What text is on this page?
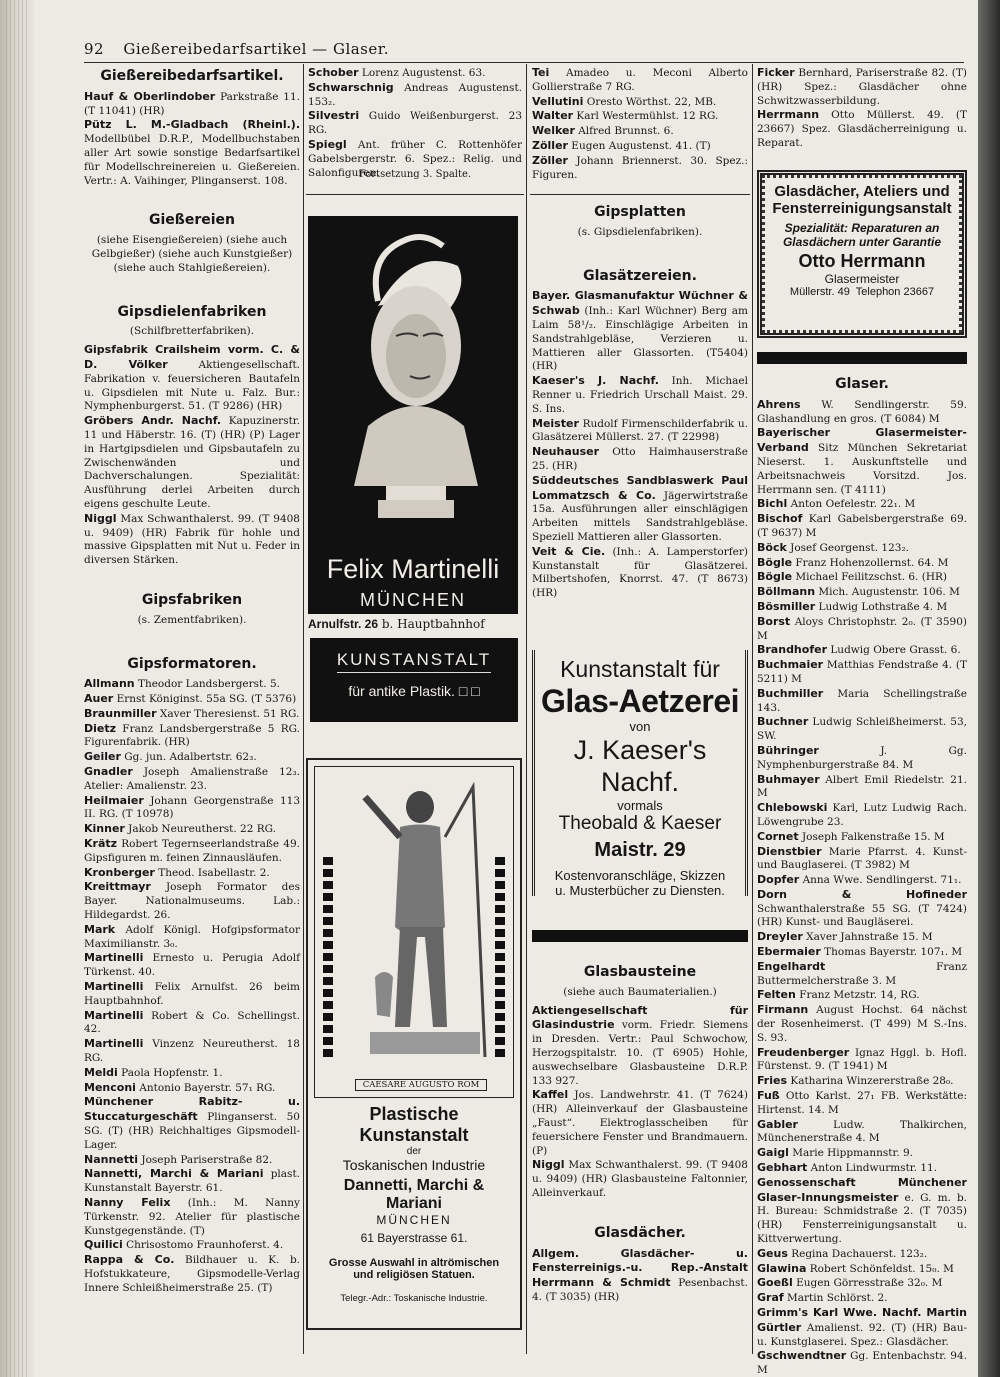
92 Gießereibedarfsartikel — Glaser.
Gießereibedarfsartikel.

Hauf & Oberlindober Parkstraße 11. (T 11041) (HR)

Pütz L. M.-Gladbach (Rheinl.). Modellbübel D.R.P., Modellbuchstaben aller Art sowie sonstige Bedarfsartikel für Modellschreinereien u. Gießereien. Vertr.: A. Vaihinger, Plinganserst. 108.

Gießereien
(siehe Eisengießereien) (siehe auch Gelbgießer) (siehe auch Kunstgießer) (siehe auch Stahlgießereien).
Gipsdielenfabriken
(Schilfbretterfabriken).

Gipsfabrik Crailsheim vorm. C. & D. Völker Aktiengesellschaft. Fabrikation v. feuersicheren Bautafeln u. Gipsdielen mit Nute u. Falz. Bur.: Nymphenburgerst. 51. (T 9286) (HR)

Gröbers Andr. Nachf. Kapuzinerstr. 11 und Häberstr. 16. (T) (HR) (P) Lager in Hartgipsdielen und Gipsbautafeln zu Zwischenwänden und Dachverschalungen. Spezialität: Ausführung derlei Arbeiten durch eigens geschulte Leute.

Niggl Max Schwanthalerst. 99. (T 9408 u. 9409) (HR) Fabrik für hohle und massive Gipsplatten mit Nut u. Feder in diversen Stärken.

Gipsfabriken
(s. Zementfabriken).
Gipsformatoren.

Allmann Theodor Landsbergerst. 5.

Auer Ernst Königinst. 55a SG. (T 5376)

Braunmiller Xaver Theresienst. 51 RG.

Dietz Franz Landsbergerstraße 5 RG. Figurenfabrik. (HR)

Geiler Gg. jun. Adalbertstr. 62₃.

Gnadler Joseph Amalienstraße 12₃. Atelier: Amalienstr. 23.

Heilmaier Johann Georgenstraße 113 II. RG. (T 10978)

Kinner Jakob Neureutherst. 22 RG.

Krätz Robert Tegernseerlandstraße 49. Gipsfiguren m. feinen Zinnausläufen.

Kronberger Theod. Isabellastr. 2.

Kreittmayr Joseph Formator des Bayer. Nationalmuseums. Lab.: Hildegardst. 26.

Mark Adolf Königl. Hofgipsformator Maximilianstr. 3₀.

Martinelli Ernesto u. Perugia Adolf Türkenst. 40.

Martinelli Felix Arnulfst. 26 beim Hauptbahnhof.

Martinelli Robert & Co. Schellingst. 42.

Martinelli Vinzenz Neureutherst. 18 RG.

Meldi Paola Hopfenstr. 1.

Menconi Antonio Bayerstr. 57₁ RG.

Münchener Rabitz- u. Stuccaturgeschäft Plinganserst. 50 SG. (T) (HR) Reichhaltiges Gipsmodell-Lager.

Nannetti Joseph Pariserstraße 82.

Nannetti, Marchi & Mariani plast. Kunstanstalt Bayerstr. 61.

Nanny Felix (Inh.: M. Nanny Türkenstr. 92. Atelier für plastische Kunstgegenstände. (T)

Quilici Chrisostomo Fraunhoferst. 4.

Rappa & Co. Bildhauer u. K. b. Hofstukkateure, Gipsmodelle-Verlag Innere Schleißheimerstraße 25. (T)

Schober Lorenz Augustenst. 63.

Schwarschnig Andreas Augustenst. 153₂.

Silvestri Guido Weißenburgerst. 23 RG.

Spiegl Ant. früher C. Rottenhöfer Gabelsbergerstr. 6. Spez.: Relig. und Salonfiguren.

Fortsetzung 3. Spalte.
Felix Martinelli
MÜNCHEN
Arnulfstr. 26 b. Hauptbahnhof
KUNSTANSTALT
für antike Plastik. □ □
CAESARE AUGUSTO ROM
Plastische Kunstanstalt
der
Toskanischen Industrie
Dannetti, Marchi & Mariani
MÜNCHEN
61 Bayerstrasse 61.
Grosse Auswahl in altrömischen
und religiösen Statuen.
Telegr.-Adr.: Toskanische Industrie.

Tei Amadeo u. Meconi Alberto Gollierstraße 7 RG.

Vellutini Oresto Wörthst. 22, MB.

Walter Karl Westermühlst. 12 RG.

Welker Alfred Brunnst. 6.

Zöller Eugen Augustenst. 41. (T)

Zöller Johann Briennerst. 30. Spez.: Figuren.

Gipsplatten
(s. Gipsdielenfabriken).
Glasätzereien.

Bayer. Glasmanufaktur Wüchner & Schwab (Inh.: Karl Wüchner) Berg am Laim 58¹/₂. Einschlägige Arbeiten in Sandstrahlgebläse, Verzieren u. Mattieren aller Glassorten. (T5404) (HR)

Kaeser's J. Nachf. Inh. Michael Renner u. Friedrich Urschall Maist. 29. S. Ins.

Meister Rudolf Firmenschilderfabrik u. Glasätzerei Müllerst. 27. (T 22998)

Neuhauser Otto Haimhauserstraße 25. (HR)

Süddeutsches Sandblaswerk Paul Lommatzsch & Co. Jägerwirtstraße 15a. Ausführungen aller einschlägigen Arbeiten mittels Sandstrahlgebläse. Speziell Mattieren aller Glassorten.

Veit & Cie. (Inh.: A. Lamperstorfer) Kunstanstalt für Glasätzerei. Milbertshofen, Knorrst. 47. (T 8673) (HR)

Kunstanstalt für
Glas-Aetzerei
von
J. Kaeser's Nachf.
vormals
Theobald & Kaeser
Maistr. 29
Kostenvoranschläge, Skizzen
u. Musterbücher zu Diensten.
Glasbausteine
(siehe auch Baumaterialien.)

Aktiengesellschaft für Glasindustrie vorm. Friedr. Siemens in Dresden. Vertr.: Paul Schwochow, Herzogspitalstr. 10. (T 6905) Hohle, auswechselbare Glasbausteine D.R.P. 133 927.

Kaffel Jos. Landwehrstr. 41. (T 7624) (HR) Alleinverkauf der Glasbausteine „Faust“. Elektroglasscheiben für feuersichere Fenster und Brandmauern. (P)

Niggl Max Schwanthalerst. 99. (T 9408 u. 9409) (HR) Glasbausteine Faltonnier, Alleinverkauf.

Glasdächer.

Allgem. Glasdächer- u. Fensterreinigs.-u. Rep.-Anstalt Herrmann & Schmidt Pesenbachst. 4. (T 3035) (HR)

Ficker Bernhard, Pariserstraße 82. (T) (HR) Spez.: Glasdächer ohne Schwitzwasserbildung.

Herrmann Otto Müllerst. 49. (T 23667) Spez. Glasdächerreinigung u. Reparat.

Glasdächer, Ateliers und
Fensterreinigungsanstalt
Spezialität: Reparaturen an
Glasdächern unter Garantie
Otto Herrmann
Glasermeister
Müllerstr. 49 Telephon 23667
Glaser.

Ahrens W. Sendlingerstr. 59. Glashandlung en gros. (T 6084) M

Bayerischer Glasermeister-Verband Sitz München Sekretariat Nieserst. 1. Auskunftstelle und Arbeitsnachweis Vorsitzd. Jos. Herrmann sen. (T 4111)

Bichl Anton Oefelestr. 22₁. M

Bischof Karl Gabelsbergerstraße 69. (T 9637) M

Böck Josef Georgenst. 123₂.

Bögle Franz Hohenzollernst. 64. M

Bögle Michael Feilitzschst. 6. (HR)

Böllmann Mich. Augustenstr. 106. M

Bösmiller Ludwig Lothstraße 4. M

Borst Aloys Christophstr. 2₀. (T 3590) M

Brandhofer Ludwig Obere Grasst. 6.

Buchmaier Matthias Fendstraße 4. (T 5211) M

Buchmiller Maria Schellingstraße 143.

Buchner Ludwig Schleißheimerst. 53, SW.

Bühringer J. Gg. Nymphenburgerstraße 84. M

Buhmayer Albert Emil Riedelstr. 21. M

Chlebowski Karl, Lutz Ludwig Rach. Löwengrube 23.

Cornet Joseph Falkenstraße 15. M

Dienstbier Marie Pfarrst. 4. Kunst- und Bauglaserei. (T 3982) M

Dopfer Anna Wwe. Sendlingerst. 71₁.

Dorn & Hofineder Schwanthalerstraße 55 SG. (T 7424) (HR) Kunst- und Baugläserei.

Dreyler Xaver Jahnstraße 15. M

Ebermaier Thomas Bayerstr. 107₁. M

Engelhardt Franz Buttermelcherstraße 3. M

Felten Franz Metzstr. 14, RG.

Firmann August Hochst. 64 nächst der Rosenheimerst. (T 499) M S.-Ins. S. 93.

Freudenberger Ignaz Hggl. b. Hofl. Fürstenst. 9. (T 1941) M

Fries Katharina Winzererstraße 28₀.

Fuß Otto Karlst. 27₁ FB. Werkstätte: Hirtenst. 14. M

Gabler Ludw. Thalkirchen, Münchenerstraße 4. M

Gaigl Marie Hippmannstr. 9.

Gebhart Anton Lindwurmstr. 11.

Genossenschaft Münchener Glaser-Innungsmeister e. G. m. b. H. Bureau: Schmidstraße 2. (T 7035) (HR) Fensterreinigungsanstalt u. Kittverwertung.

Geus Regina Dachauerst. 123₂.

Glawina Robert Schönfeldst. 15₀. M

Goeßl Eugen Görresstraße 32₀. M

Graf Martin Schlörst. 2.

Grimm's Karl Wwe. Nachf. Martin Gürtler Amalienst. 92. (T) (HR) Bau- u. Kunstglaserei. Spez.: Glasdächer.

Gschwendtner Gg. Entenbachstr. 94. M
